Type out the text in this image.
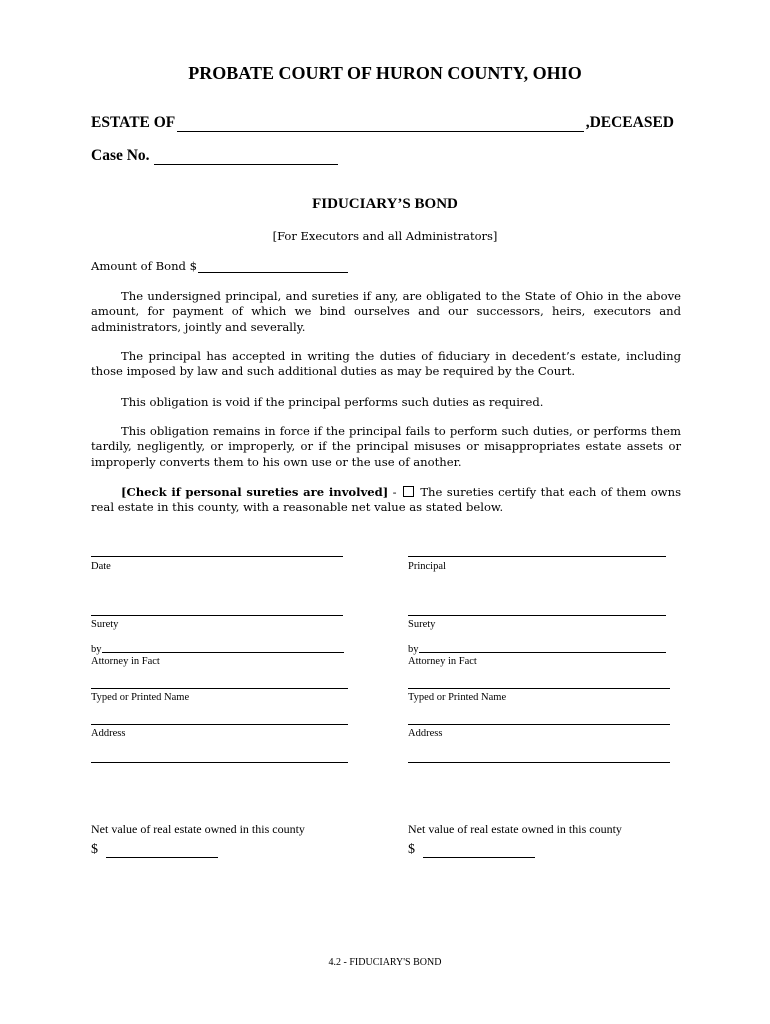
PROBATE COURT OF HURON COUNTY, OHIO
ESTATE OF	,DECEASED
Case No.
FIDUCIARY’S BOND
[For Executors and all Administrators]
Amount of Bond $
The undersigned principal, and sureties if any, are obligated to the State of Ohio in the above amount, for payment of which we bind ourselves and our successors, heirs, executors and administrators, jointly and severally.
The principal has accepted in writing the duties of fiduciary in decedent’s estate, including those imposed by law and such additional duties as may be required by the Court.
This obligation is void if the principal performs such duties as required.
This obligation remains in force if the principal fails to perform such duties, or performs them tardily, negligently, or improperly, or if the principal misuses or misappropriates estate assets or improperly converts them to his own use or the use of another.
[Check if personal sureties are involved] - The sureties certify that each of them owns real estate in this county, with a reasonable net value as stated below.
Date
Surety
by
Attorney in Fact
Typed or Printed Name
Address
Net value of real estate owned in this county
$
Principal
Surety
by
Attorney in Fact
Typed or Printed Name
Address
Net value of real estate owned in this county
$
4.2 - FIDUCIARY'S BOND
